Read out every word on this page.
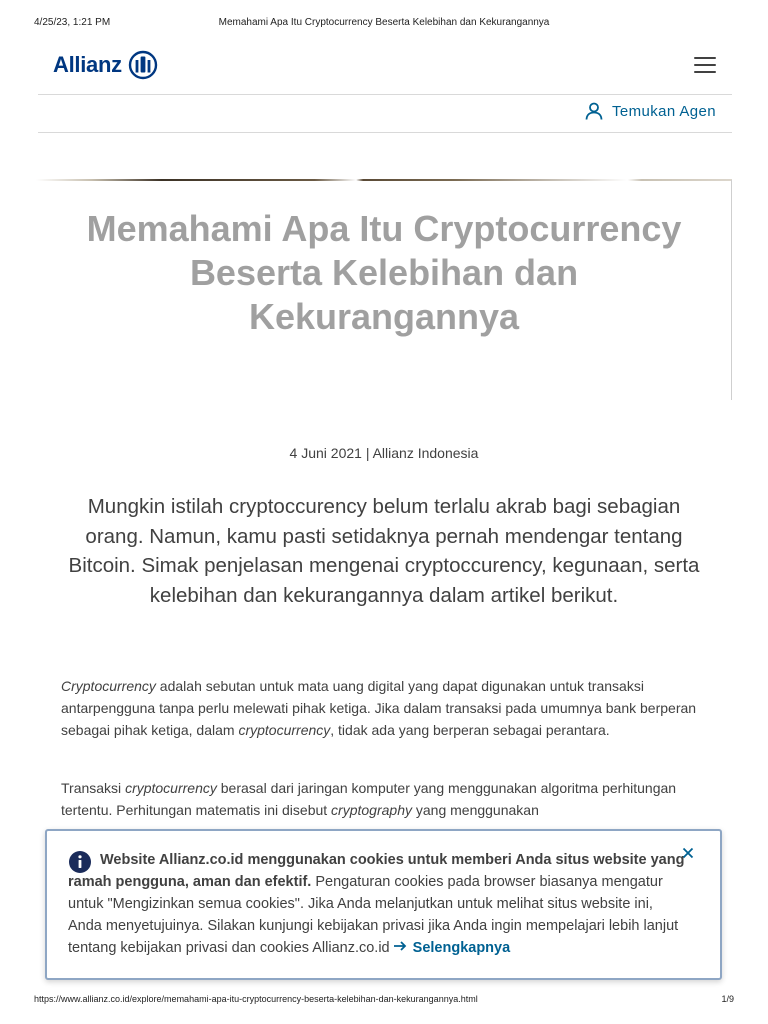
4/25/23, 1:21 PM	Memahami Apa Itu Cryptocurrency Beserta Kelebihan dan Kekurangannya
Allianz
Temukan Agen
Memahami Apa Itu Cryptocurrency Beserta Kelebihan dan Kekurangannya
4 Juni 2021 | Allianz Indonesia

Mungkin istilah cryptoccurency belum terlalu akrab bagi sebagian orang. Namun, kamu pasti setidaknya pernah mendengar tentang Bitcoin. Simak penjelasan mengenai cryptoccurency, kegunaan, serta kelebihan dan kekurangannya dalam artikel berikut.

Cryptocurrency adalah sebutan untuk mata uang digital yang dapat digunakan untuk transaksi antarpengguna tanpa perlu melewati pihak ketiga. Jika dalam transaksi pada umumnya bank berperan sebagai pihak ketiga, dalam cryptocurrency, tidak ada yang berperan sebagai perantara.

Transaksi cryptocurrency berasal dari jaringan komputer yang menggunakan algoritma perhitungan tertentu. Perhitungan matematis ini disebut cryptography yang menggunakan

Website Allianz.co.id menggunakan cookies untuk memberi Anda situs website yang ramah pengguna, aman dan efektif. Pengaturan cookies pada browser biasanya mengatur untuk "Mengizinkan semua cookies". Jika Anda melanjutkan untuk melihat situs website ini, Anda menyetujuinya. Silakan kunjungi kebijakan privasi jika Anda ingin mempelajari lebih lanjut tentang kebijakan privasi dan cookies Allianz.co.id Selengkapnya

https://www.allianz.co.id/explore/memahami-apa-itu-cryptocurrency-beserta-kelebihan-dan-kekurangannya.html	1/9
